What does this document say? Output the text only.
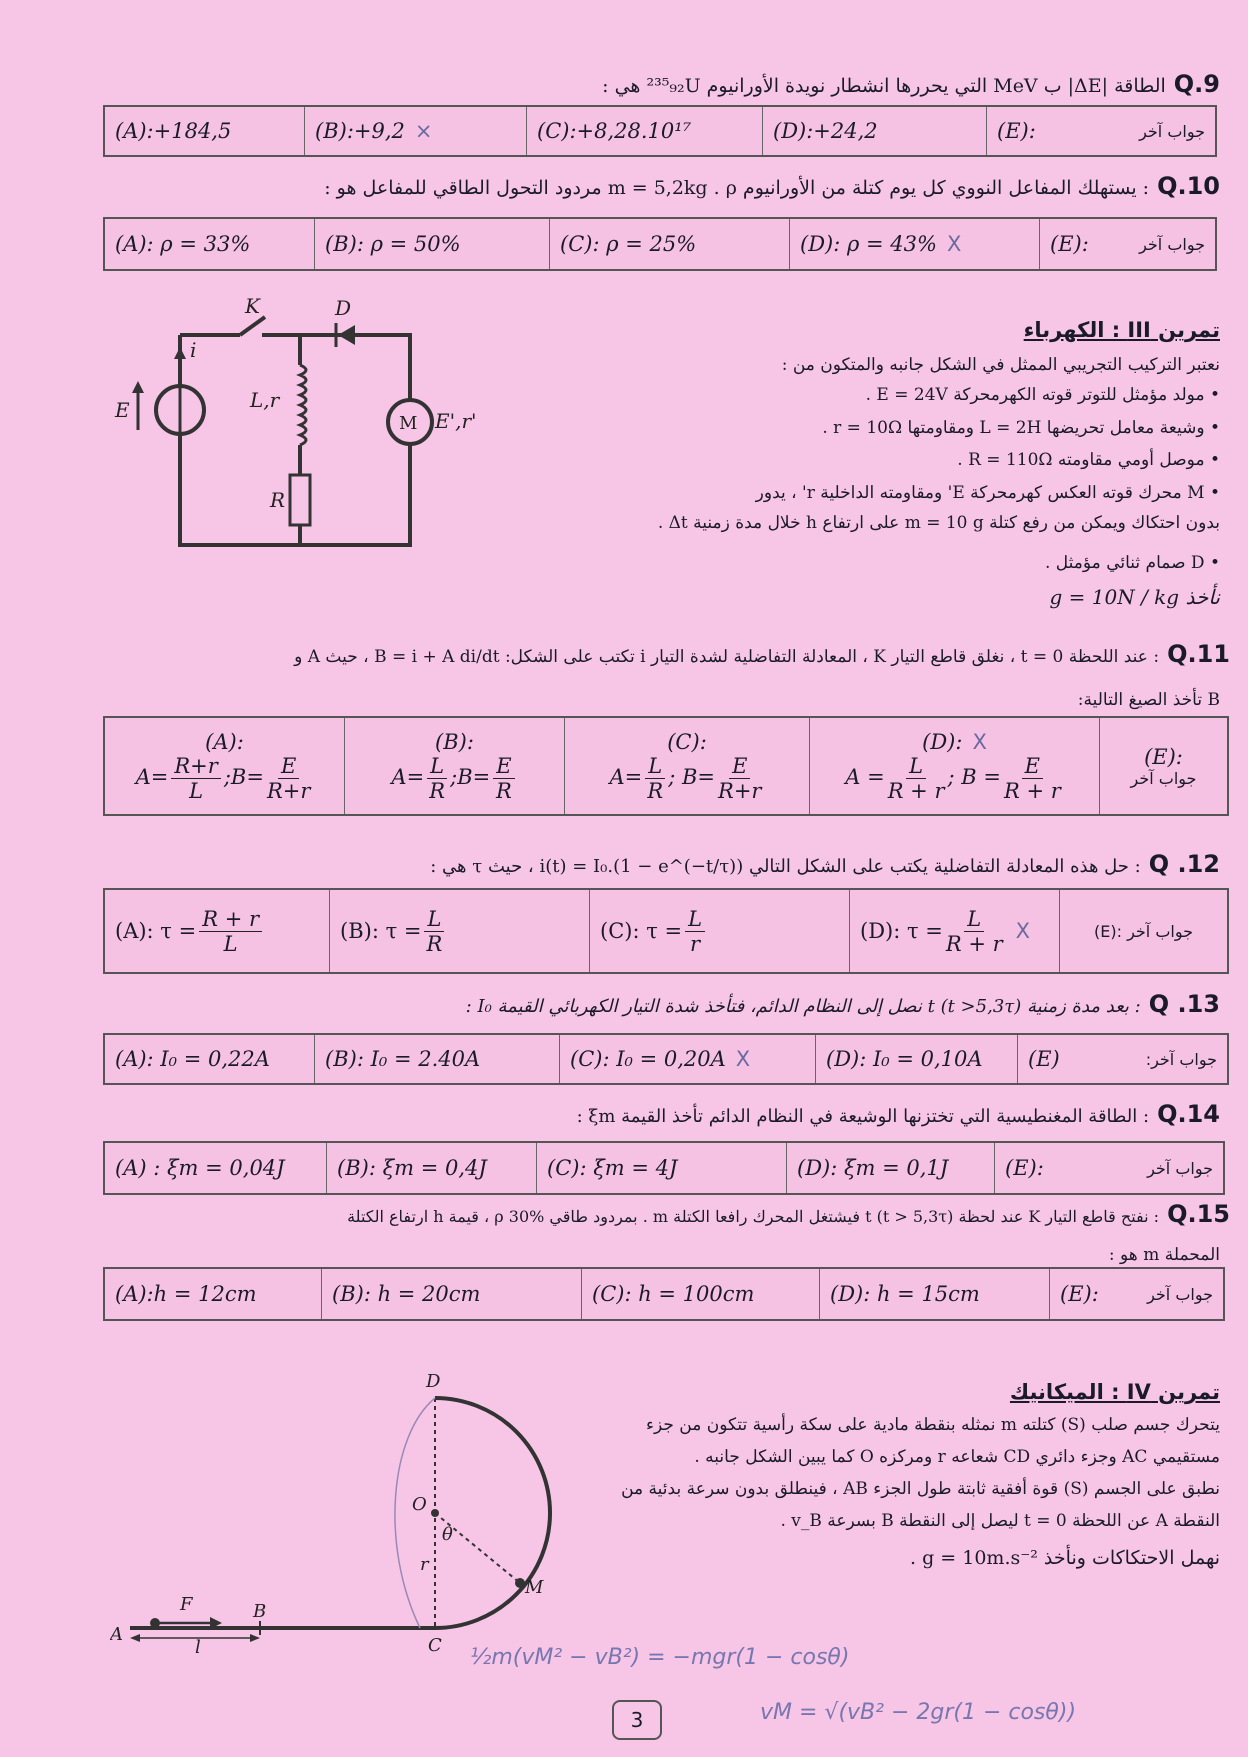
Q.9الطاقة |ΔE| ب MeV التي يحررها انشطار نويدة الأورانيوم ²³⁵₉₂U هي :
(A):+184,5	(B):+9,2 ×	(C):+8,28.10¹⁷	(D):+24,2	(E):	جواب آخر
Q.10: يستهلك المفاعل النووي كل يوم كتلة من الأورانيوم m = 5,2kg . ρ مردود التحول الطاقي للمفاعل هو :
(A): ρ = 33%	(B): ρ = 50%	(C): ρ = 25%	(D): ρ = 43% X	(E):	جواب آخر
K	D
i
L,r
E
R
M E',r'
تمرين III : الكهرباء
نعتبر التركيب التجريبي الممثل في الشكل جانبه والمتكون من :
• مولد مؤمثل للتوتر قوته الكهرمحركة E = 24V .
• وشيعة معامل تحريضها L = 2H ومقاومتها r = 10Ω .
• موصل أومي مقاومته R = 110Ω .
• M محرك قوته العكس كهرمحركة E' ومقاومته الداخلية r' ، يدور
بدون احتكاك ويمكن من رفع كتلة m = 10 g على ارتفاع h خلال مدة زمنية Δt .
• D صمام ثنائي مؤمثل .
نأخذ g = 10N / kg
Q.11: عند اللحظة t = 0 ، نغلق قاطع التيار K ، المعادلة التفاضلية لشدة التيار i تكتب على الشكل: B = i + A di/dt ، حيث A و
B تأخذ الصيغ التالية:
(A):
$A= \frac{R+r}{L}$ ;B= $\frac{E}{R+r}$
(B):
$A= \frac{L}{R}$ ;B= $\frac{E}{R}$
(C):
$A= \frac{L}{R}$ ; $B= \frac{E}{R+r}$
(D): X
$A = \frac{L}{R + r}$ ; $B = \frac{E}{R + r}$	(E):
جواب آخر
Q .12: حل هذه المعادلة التفاضلية يكتب على الشكل التالي i(t) = I₀.(1 − e^(−t/τ)) ، حيث τ هي :
(A): $\tau = \frac{R + r}{L}$	(B): $\tau = \frac{L}{R}$	(C): $\tau = \frac{L}{r}$	(D): $\tau = \frac{L}{R + r}$ X	جواب آخر :(E)
Q .13: بعد مدة زمنية t (t >5,3τ) نصل إلى النظام الدائم، فتأخذ شدة التيار الكهربائي القيمة I₀ :
(A): I₀ = 0,22A	(B): I₀ = 2.40A	(C): I₀ = 0,20A X	(D): I₀ = 0,10A	(E)	جواب آخر:
Q.14: الطاقة المغنطيسية التي تختزنها الوشيعة في النظام الدائم تأخذ القيمة ξm :
(A) : ξm = 0,04J	(B): ξm = 0,4J	(C): ξm = 4J	(D): ξm = 0,1J	(E):	جواب آخر
Q.15: نفتح قاطع التيار K عند لحظة t (t > 5,3τ) فيشتغل المحرك رافعا الكتلة m . بمردود طاقي ρ 30% ، قيمة h ارتفاع الكتلة
المحملة m هو :
(A):h = 12cm	(B): h = 20cm	(C): h = 100cm	(D): h = 15cm	(E):	جواب آخر
تمرين IV : الميكانيك
يتحرك جسم صلب (S) كتلته m نمثله بنقطة مادية على سكة رأسية تتكون من جزء
مستقيمي AC وجزء دائري CD شعاعه r ومركزه O كما يبين الشكل جانبه .
نطبق على الجسم (S) قوة أفقية ثابتة طول الجزء AB ، فينطلق بدون سرعة بدئية من
النقطة A عن اللحظة t = 0 ليصل إلى النقطة B بسرعة v_B .
نهمل الاحتكاكات ونأخذ g = 10m.s⁻² .
D
O
r
θ
M
A
B
C
F
l	½m(vM² − vB²) = −mgr(1 − cosθ)
vM = √(vB² − 2gr(1 − cosθ))
3
